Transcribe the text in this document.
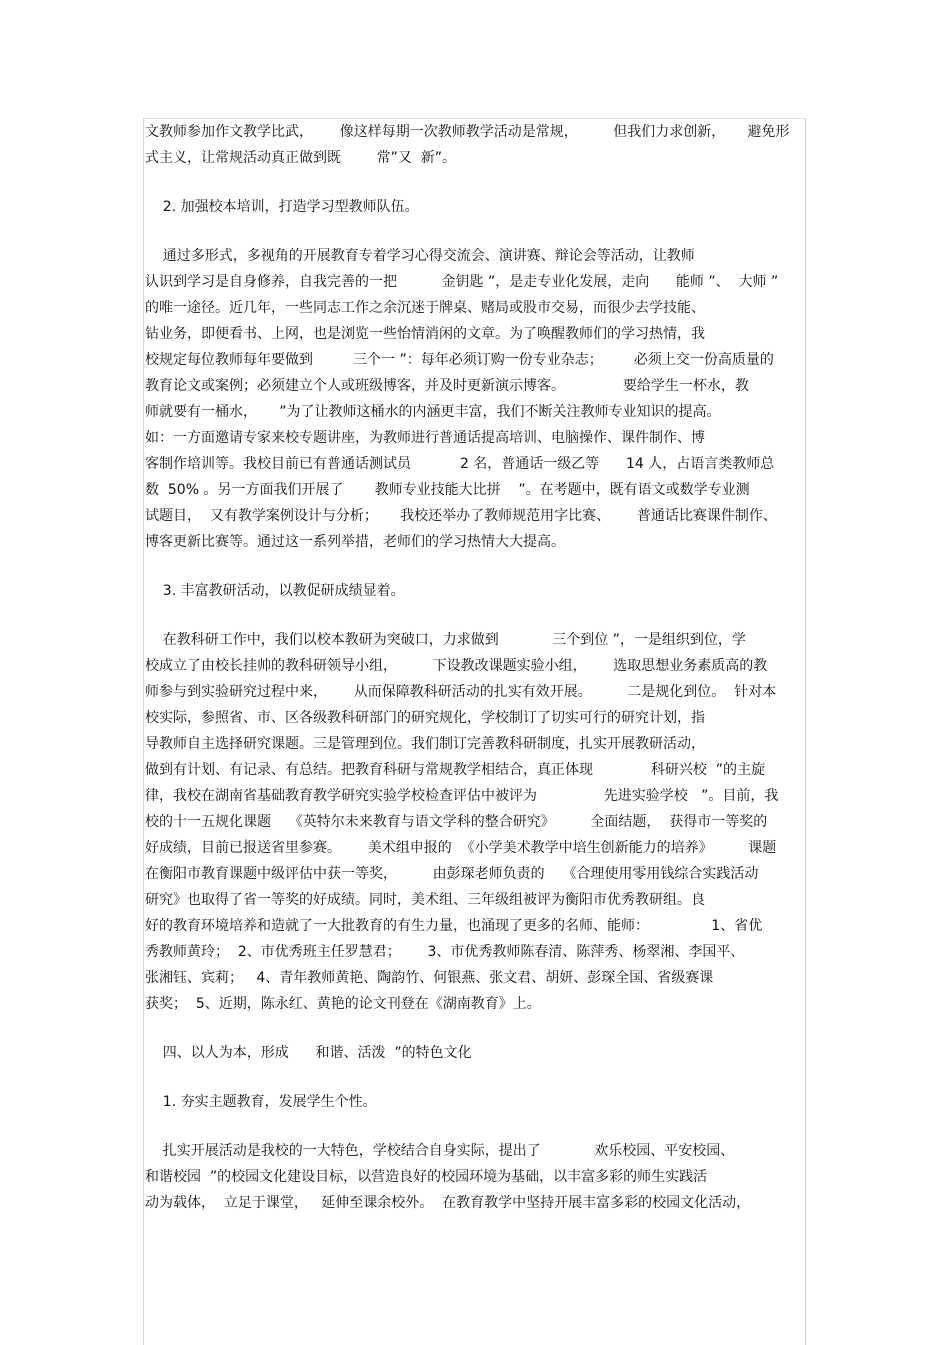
文教师参加作文教学比武，      像这样每期一次教师教学活动是常规，        但我们力求创新，     避免形
式主义，让常规活动真正做到既        常”又  新”。
2. 加强校本培训，打造学习型教师队伍。
通过多形式，多视角的开展教育专着学习心得交流会、演讲赛、辩论会等活动，让教师
认识到学习是自身修养，自我完善的一把          金钥匙 ”，是走专业化发展，走向      能师 ”、  大师 ”
的唯一途径。近几年，一些同志工作之余沉迷于牌桌、赌局或股市交易，而很少去学技能、
钻业务，即便看书、上网，也是浏览一些怡情消闲的文章。为了唤醒教师们的学习热情，我
校规定每位教师每年要做到         三个一 ”：每年必须订购一份专业杂志；       必须上交一份高质量的
教育论文或案例；必须建立个人或班级博客，并及时更新演示博客。             要给学生一杯水，教
师就要有一桶水，     ”为了让教师这桶水的内涵更丰富，我们不断关注教师专业知识的提高。
如：一方面邀请专家来校专题讲座，为教师进行普通话提高培训、电脑操作、课件制作、博
客制作培训等。我校目前已有普通话测试员           2 名，普通话一级乙等      14 人，占语言类教师总
数  50% 。另一方面我们开展了       教师专业技能大比拼    ”。在考题中，既有语文或数学专业测
试题目，  又有教学案例设计与分析；     我校还举办了教师规范用字比赛、      普通话比赛课件制作、
博客更新比赛等。通过这一系列举措，老师们的学习热情大大提高。
3. 丰富教研活动，以教促研成绩显着。
在教科研工作中，我们以校本教研为突破口，力求做到            三个到位 ”，一是组织到位，学
校成立了由校长挂帅的教科研领导小组，        下设教改课题实验小组，      选取思想业务素质高的教
师参与到实验研究过程中来，      从而保障教科研活动的扎实有效开展。        二是规化到位。  针对本
校实际，参照省、市、区各级教科研部门的研究规化，学校制订了切实可行的研究计划，指
导教师自主选择研究课题。三是管理到位。我们制订完善教科研制度，扎实开展教研活动，
做到有计划、有记录、有总结。把教育科研与常规教学相结合，真正体现             科研兴校  ”的主旋
律，我校在湖南省基础教育教学研究实验学校检查评估中被评为               先进实验学校   ”。目前，我
校的十一五规化课题    《英特尔未来教育与语文学科的整合研究》        全面结题，  获得市一等奖的
好成绩，目前已报送省里参赛。      美术组申报的  《小学美术教学中培生创新能力的培养》        课题
在衡阳市教育课题中级评估中获一等奖，        由彭琛老师负责的    《合理使用零用钱综合实践活动
研究》也取得了省一等奖的好成绩。同时，美术组、三年级组被评为衡阳市优秀教研组。良
好的教育环境培养和造就了一大批教育的有生力量，也涌现了更多的名师、能师：              1、省优
秀教师黄玲；  2、市优秀班主任罗慧君；      3、市优秀教师陈春清、陈萍秀、杨翠湘、李国平、
张湘钰、宾莉；   4、青年教师黄艳、陶韵竹、何银燕、张文君、胡妍、彭琛全国、省级赛课
获奖；  5、近期，陈永红、黄艳的论文刊登在《湖南教育》上。
四、以人为本，形成      和谐、活泼  ”的特色文化
1. 夯实主题教育，发展学生个性。
扎实开展活动是我校的一大特色，学校结合自身实际，提出了            欢乐校园、平安校园、
和谐校园  ”的校园文化建设目标，以营造良好的校园环境为基础，以丰富多彩的师生实践活
动为载体，  立足于课堂，   延伸至课余校外。  在教育教学中坚持开展丰富多彩的校园文化活动，
